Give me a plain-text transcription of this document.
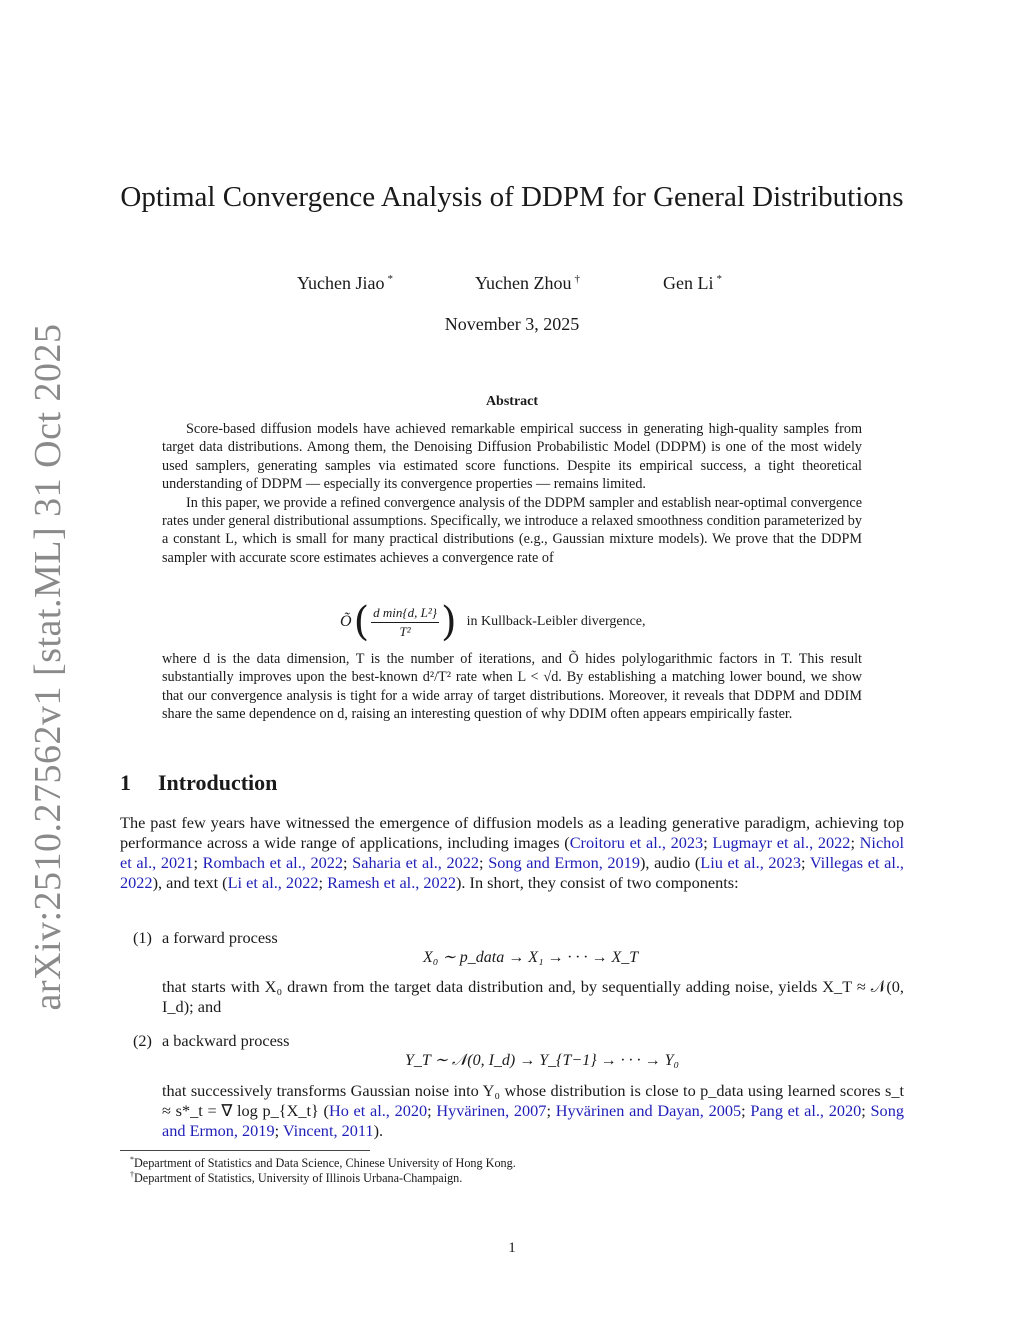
arXiv:2510.27562v1 [stat.ML] 31 Oct 2025
Optimal Convergence Analysis of DDPM for General Distributions
Yuchen Jiao *	Yuchen Zhou †	Gen Li *
November 3, 2025
Abstract

Score-based diffusion models have achieved remarkable empirical success in generating high-quality samples from target data distributions. Among them, the Denoising Diffusion Probabilistic Model (DDPM) is one of the most widely used samplers, generating samples via estimated score functions. Despite its empirical success, a tight theoretical understanding of DDPM — especially its convergence properties — remains limited.

In this paper, we provide a refined convergence analysis of the DDPM sampler and establish near-optimal convergence rates under general distributional assumptions. Specifically, we introduce a relaxed smoothness condition parameterized by a constant L, which is small for many practical distributions (e.g., Gaussian mixture models). We prove that the DDPM sampler with accurate score estimates achieves a convergence rate of

Õ ( d min{d, L²}
T² ) in Kullback-Leibler divergence,

where d is the data dimension, T is the number of iterations, and Õ hides polylogarithmic factors in T. This result substantially improves upon the best-known d²/T² rate when L < √d. By establishing a matching lower bound, we show that our convergence analysis is tight for a wide array of target distributions. Moreover, it reveals that DDPM and DDIM share the same dependence on d, raising an interesting question of why DDIM often appears empirically faster.

1 Introduction

The past few years have witnessed the emergence of diffusion models as a leading generative paradigm, achieving top performance across a wide range of applications, including images (Croitoru et al., 2023; Lugmayr et al., 2022; Nichol et al., 2021; Rombach et al., 2022; Saharia et al., 2022; Song and Ermon, 2019), audio (Liu et al., 2023; Villegas et al., 2022), and text (Li et al., 2022; Ramesh et al., 2022). In short, they consist of two components:

(1) a forward process
X₀ ∼ p_data → X₁ → · · · → X_T
that starts with X₀ drawn from the target data distribution and, by sequentially adding noise, yields X_T ≈ 𝒩(0, I_d); and
(2) a backward process
Y_T ∼ 𝒩(0, I_d) → Y_{T−1} → · · · → Y₀

that successively transforms Gaussian noise into Y₀ whose distribution is close to p_data using learned scores s_t ≈ s*_t = ∇ log p_{X_t} (Ho et al., 2020; Hyvärinen, 2007; Hyvärinen and Dayan, 2005; Pang et al., 2020; Song and Ermon, 2019; Vincent, 2011).

*Department of Statistics and Data Science, Chinese University of Hong Kong.
†Department of Statistics, University of Illinois Urbana-Champaign.
1
